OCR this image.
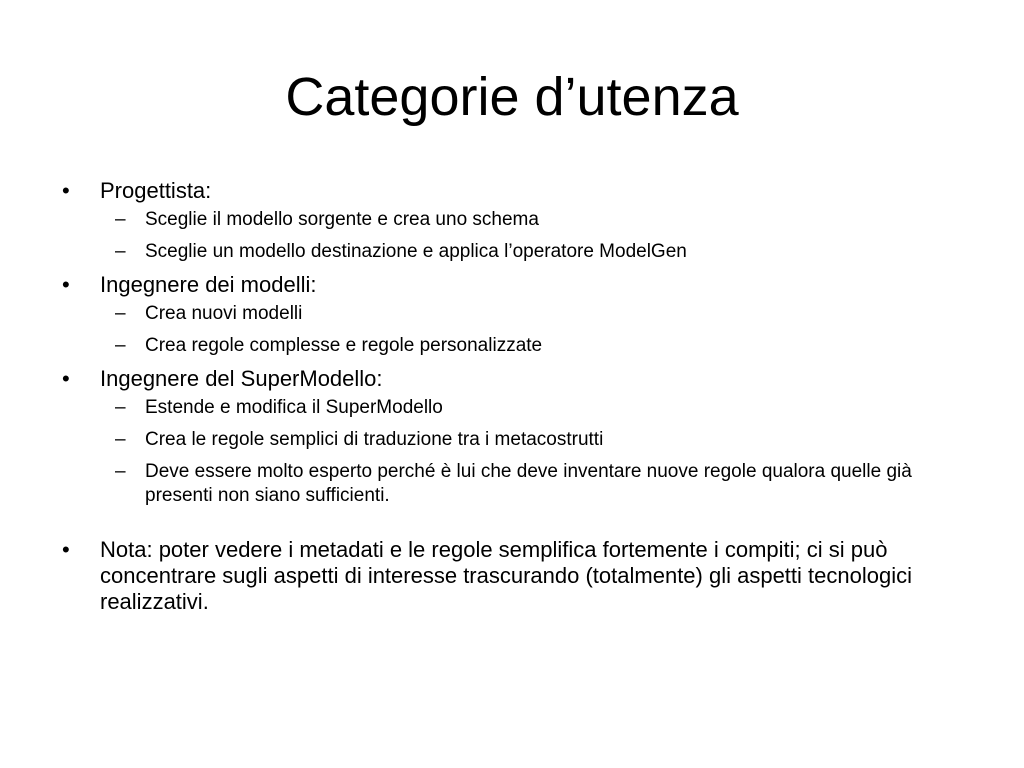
Categorie d’utenza
• Progettista:
– Sceglie il modello sorgente e crea uno schema
– Sceglie un modello destinazione e applica l’operatore ModelGen
• Ingegnere dei modelli:
– Crea nuovi modelli
– Crea regole complesse e regole personalizzate
• Ingegnere del SuperModello:
– Estende e modifica il SuperModello
– Crea le regole semplici di traduzione tra i metacostrutti
– Deve essere molto esperto perché è lui che deve inventare nuove regole qualora quelle già presenti non siano sufficienti.
• Nota: poter vedere i metadati e le regole semplifica fortemente i compiti; ci si può concentrare sugli aspetti di interesse trascurando (totalmente) gli aspetti tecnologici realizzativi.
